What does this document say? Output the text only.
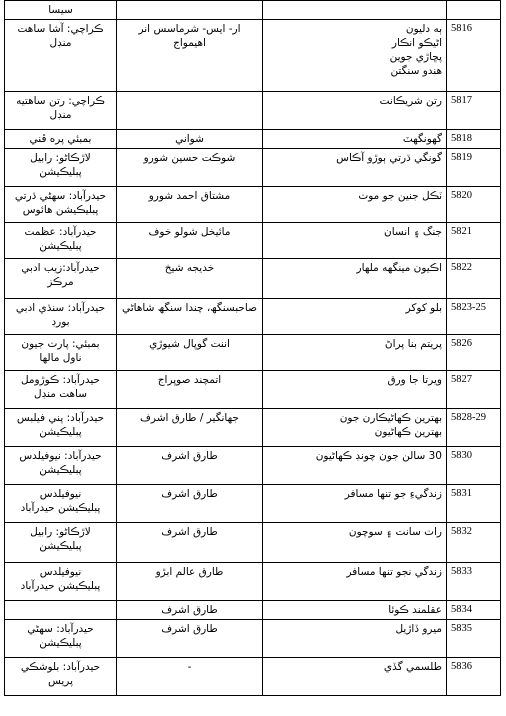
سيسا			

ڪراچي: آشا ساهت
منڊل	ار- ايس- شرماسس انر اهيمواج	ٻه دليون
اڻيڪو انڪار
پڇاڙي جوين
هندو سنگتن	5816

ڪراچي: رتن ساهتيه
منڊل		رتن شريڪانت	5817

بمبئي پره ڦني	شواني	گهونگهٽ	5818

لاڙڪاڻو: رابيل
پبليڪيشن	شوڪت حسين شورو	گونگي ڌرتي ٻوڙو آڪاس	5819

حيدرآباد: سهڻي ڌرتي
پبليڪيشن هائوس	مشتاق احمد شورو	ٽڪل جنين جو موت	5820

حيدرآباد: عظمت
پبليڪيشن	مائيخل شولو خوف	جنگ ۽ انسان	5821

حيدرآباد:زيب ادبي
مرڪز	خديجه شيخ	اڪيون مينگهه ملهار	5822

حيدرآباد: سنڌي ادبي
بورڊ	صاحبسنگھ، چندا سنگھ شاهاڻي	بلو کوکر	5823-25

بمبئي: پارت جيون
ناول مالها	اننت گوپال شيوڙي	پريتم بنا پراڻ	5826

حيدرآباد: ڪوڙومل
ساهت منڊل	اتمچند صوپراج	ويرتا جا ورق	5827

حيدرآباد: پني فيلبس
پبليڪيشن	جهانگير / طارق اشرف	بهترين ڪهاڻيڪارن جون
بهترين ڪهاڻيون	5828-29

حيدرآباد: نيوفيلدس
پبليڪيشن	طارق اشرف	30 سالن جون چونڊ ڪهاڻيون	5830

نيوفيلدس
پبليڪيشن حيدرآباد	طارق اشرف	زندگيءِ جو تنها مسافر	5831

لاڙڪاڻو: رابيل
پبليڪيشن	طارق اشرف	رات سانت ۽ سوچون	5832

نيوفيلدس
پبليڪيشن حيدرآباد	طارق عالم ابڙو	زندگي نجو تنها مسافر	5833

	طارق اشرف	عقلمند ڪوئا	5834

حيدرآباد: سهڻي
پبليڪيشن	طارق اشرف	ميرو ڏاڙيل	5835

حيدرآباد: بلوشڪي
پريس	-	طلسمي گڏي	5836
